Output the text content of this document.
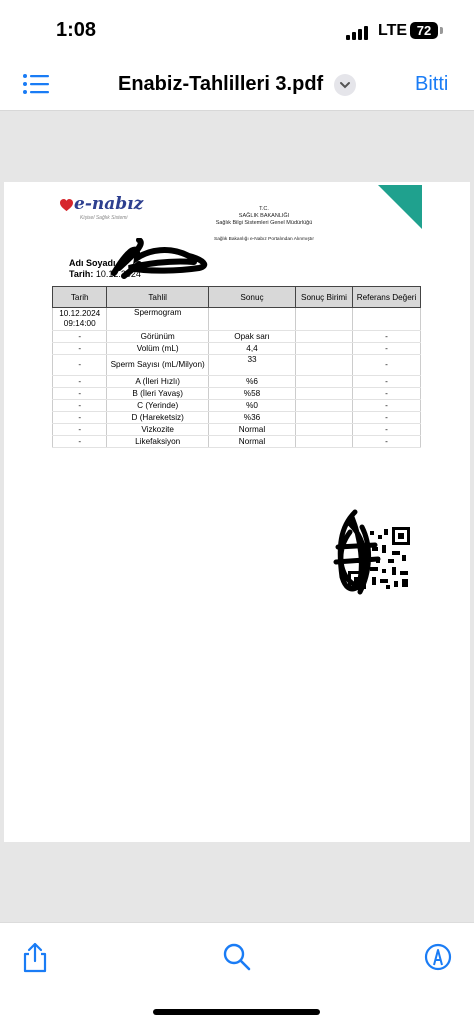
1:08	LTE 72
Enabiz-Tahlilleri 3.pdf	Bitti
e-nabız
Kişisel Sağlık Sistemi
T.C.
SAĞLIK BAKANLIĞI
Sağlık Bilgi Sistemleri Genel Müdürlüğü
Sağlık Bakanlığı e-Nabız Portalından Alınmıştır
Adı Soyadı
Tarih: 10.12.2024
Tarih	Tahlil	Sonuç	Sonuç Birimi	Referans Değeri

10.12.2024
09:14:00	Spermogram			
-	Görünüm	Opak sarı		-
-	Volüm (mL)	4,4		-
-	Sperm Sayısı (mL/Milyon)	33		-
-	A (İleri Hızlı)	%6		-
-	B (İleri Yavaş)	%58		-
-	C (Yerinde)	%0		-
-	D (Hareketsiz)	%36		-
-	Vizkozite	Normal		-
-	Likefaksiyon	Normal		-
